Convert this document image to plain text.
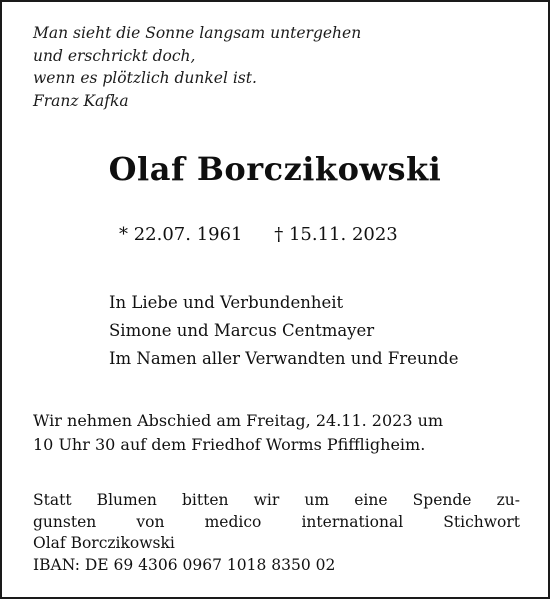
Man sieht die Sonne langsam untergehen
und erschrickt doch,
wenn es plötzlich dunkel ist.
Franz Kafka
Olaf Borczikowski
* 22.07. 1961 † 15.11. 2023
In Liebe und Verbundenheit
Simone und Marcus Centmayer
Im Namen aller Verwandten und Freunde
Wir nehmen Abschied am Freitag, 24.11. 2023 um
10 Uhr 30 auf dem Friedhof Worms Pfiffligheim.
Statt Blumen bitten wir um eine Spende zu-
gunsten von medico international Stichwort
Olaf Borczikowski
IBAN: DE 69 4306 0967 1018 8350 02
